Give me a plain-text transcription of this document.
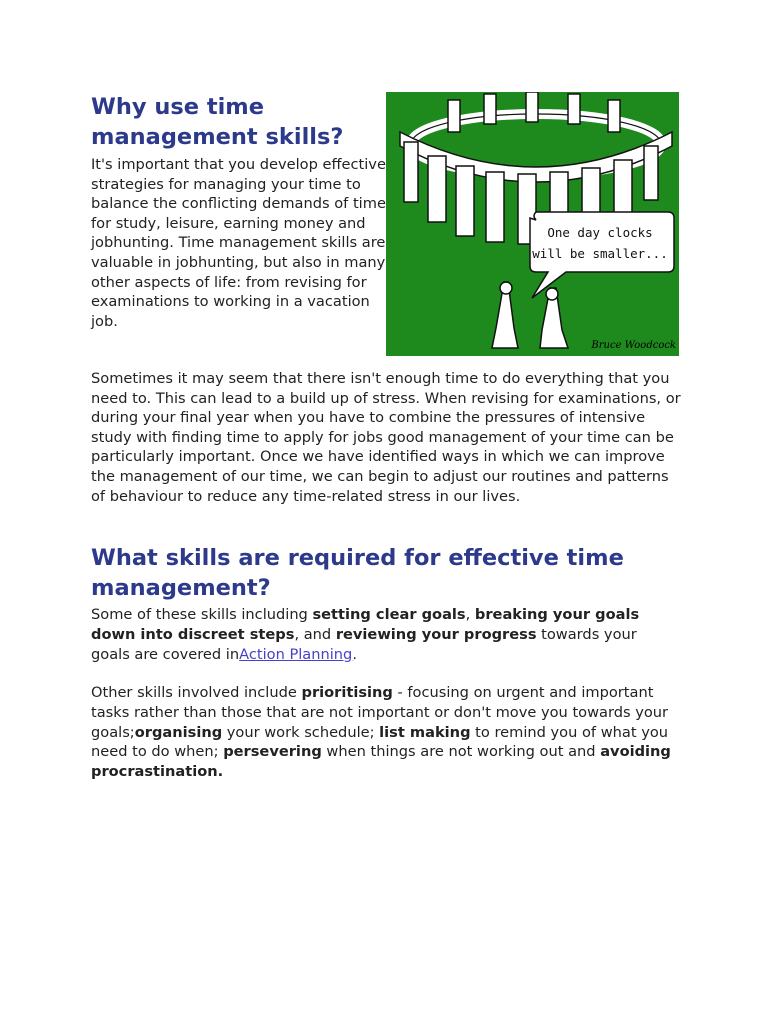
Why use time management skills?

It's important that you develop effective strategies for managing your time to balance the conflicting demands of time for study, leisure, earning money and jobhunting. Time management skills are valuable in jobhunting, but also in many other aspects of life: from revising for examinations to working in a vacation job.

One day clocks
will be smaller...
Bruce Woodcock

Sometimes it may seem that there isn't enough time to do everything that you need to. This can lead to a build up of stress. When revising for examinations, or during your final year when you have to combine the pressures of intensive study with finding time to apply for jobs good management of your time can be particularly important. Once we have identified ways in which we can improve the management of our time, we can begin to adjust our routines and patterns of behaviour to reduce any time-related stress in our lives.

What skills are required for effective time management?

Some of these skills including setting clear goals, breaking your goals down into discreet steps, and reviewing your progress towards your goals are covered inAction Planning.

Other skills involved include prioritising - focusing on urgent and important tasks rather than those that are not important or don't move you towards your goals;organising your work schedule; list making to remind you of what you need to do when; persevering when things are not working out and avoiding procrastination.
